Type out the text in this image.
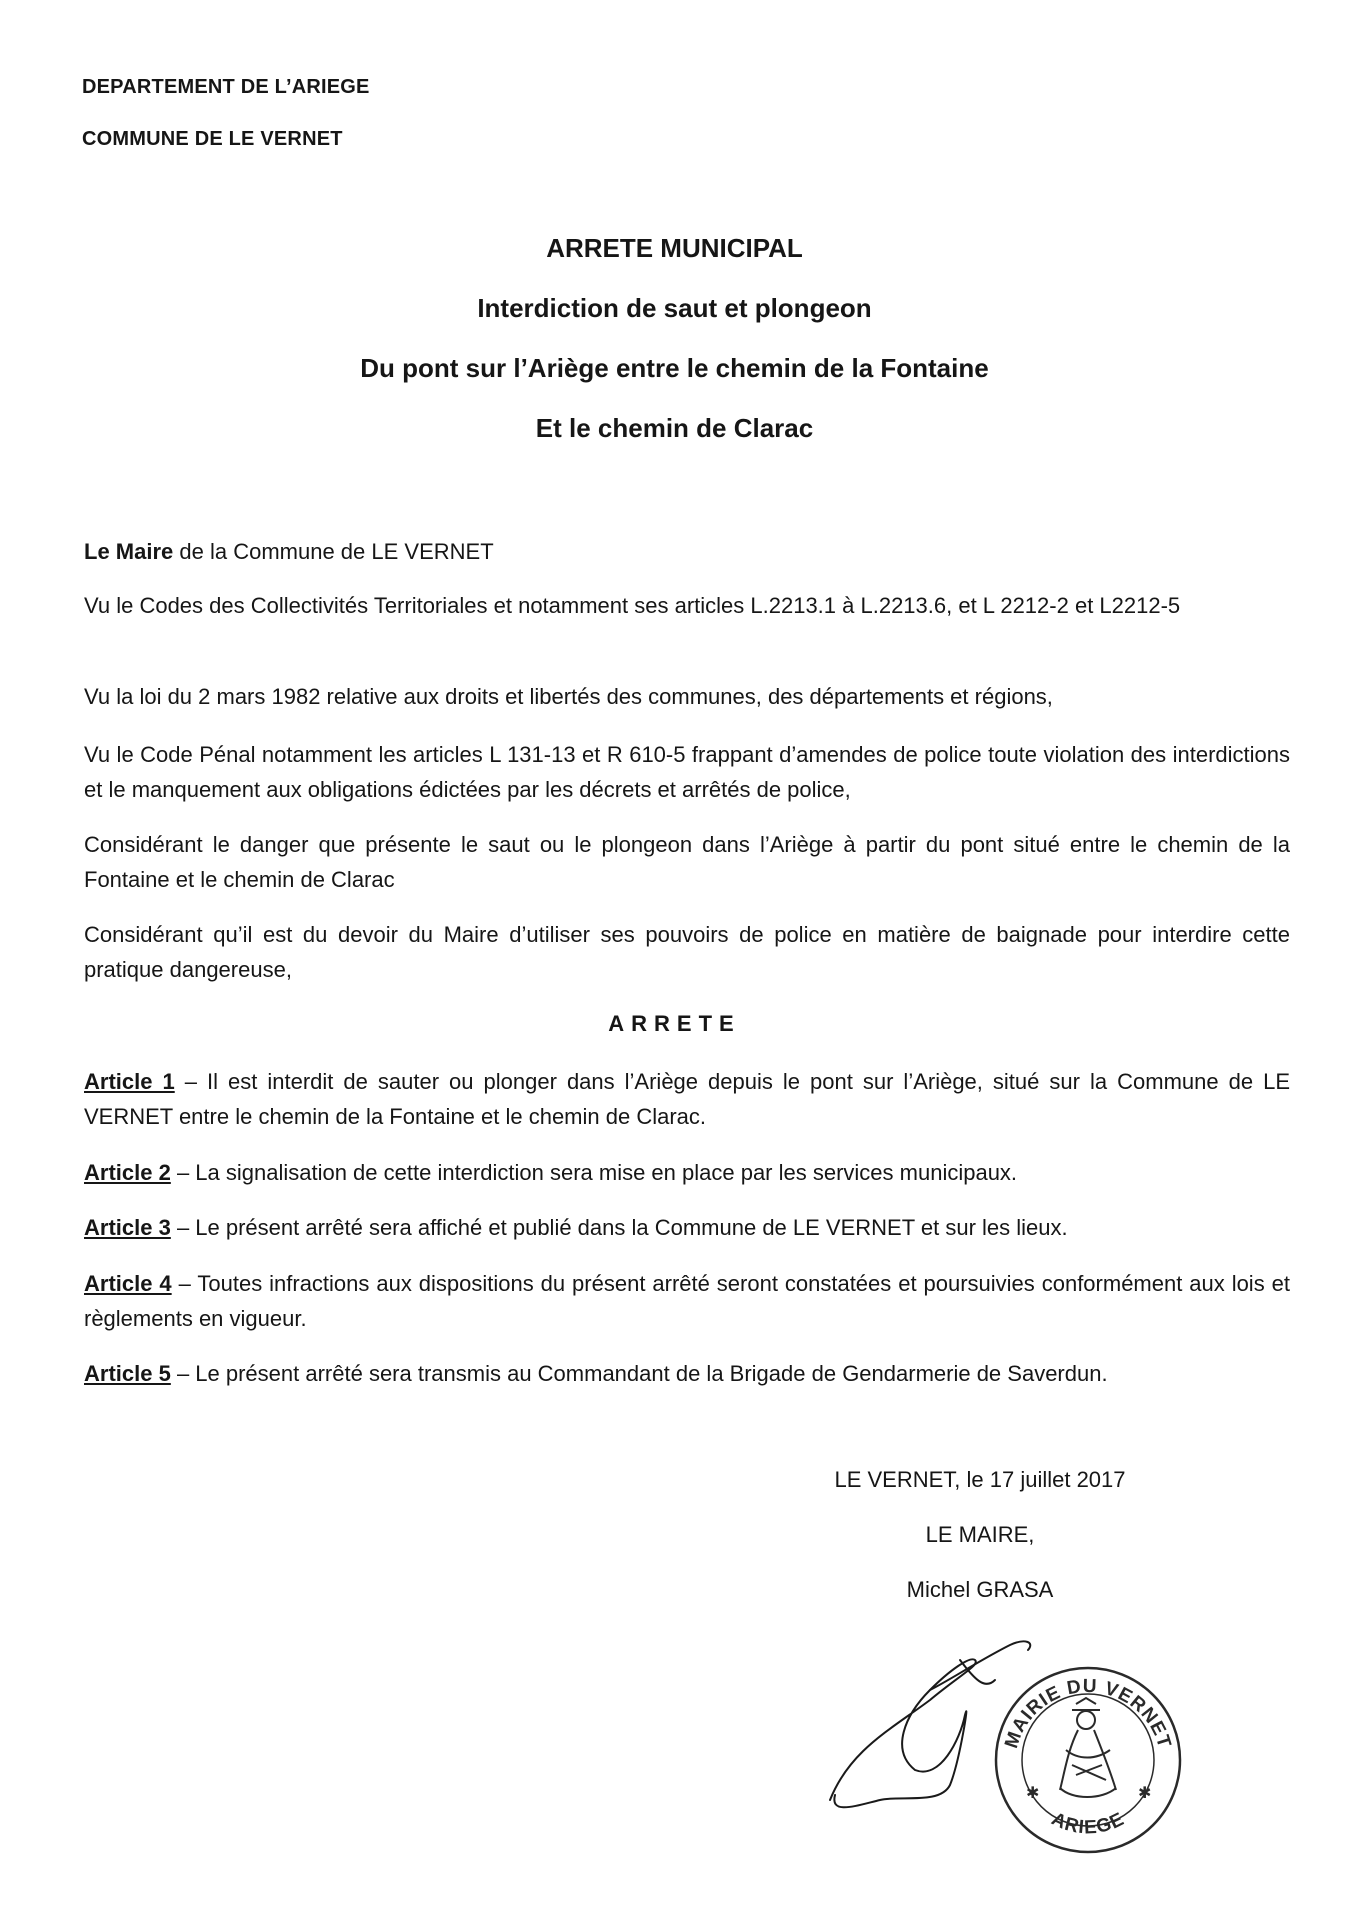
DEPARTEMENT DE L’ARIEGE
COMMUNE DE LE VERNET
ARRETE MUNICIPAL
Interdiction de saut et plongeon
Du pont sur l’Ariège entre le chemin de la Fontaine
Et le chemin de Clarac
Le Maire de la Commune de LE VERNET

Vu le Codes des Collectivités Territoriales et notamment ses articles L.2213.1 à L.2213.6, et L 2212-2 et L2212-5

Vu la loi du 2 mars 1982 relative aux droits et libertés des communes, des départements et régions,

Vu le Code Pénal notamment les articles L 131-13 et R 610-5 frappant d’amendes de police toute violation des interdictions et le manquement aux obligations édictées par les décrets et arrêtés de police,

Considérant le danger que présente le saut ou le plongeon dans l’Ariège à partir du pont situé entre le chemin de la Fontaine et le chemin de Clarac

Considérant qu’il est du devoir du Maire d’utiliser ses pouvoirs de police en matière de baignade pour interdire cette pratique dangereuse,

ARRETE

Article 1 – Il est interdit de sauter ou plonger dans l’Ariège depuis le pont sur l’Ariège, situé sur la Commune de LE VERNET entre le chemin de la Fontaine et le chemin de Clarac.

Article 2 – La signalisation de cette interdiction sera mise en place par les services municipaux.

Article 3 – Le présent arrêté sera affiché et publié dans la Commune de LE VERNET et sur les lieux.

Article 4 – Toutes infractions aux dispositions du présent arrêté seront constatées et poursuivies conformément aux lois et règlements en vigueur.

Article 5 – Le présent arrêté sera transmis au Commandant de la Brigade de Gendarmerie de Saverdun.

LE VERNET, le 17 juillet 2017
LE MAIRE,
Michel GRASA
MAIRIE DU VERNET
ARIEGE
✱	✱
